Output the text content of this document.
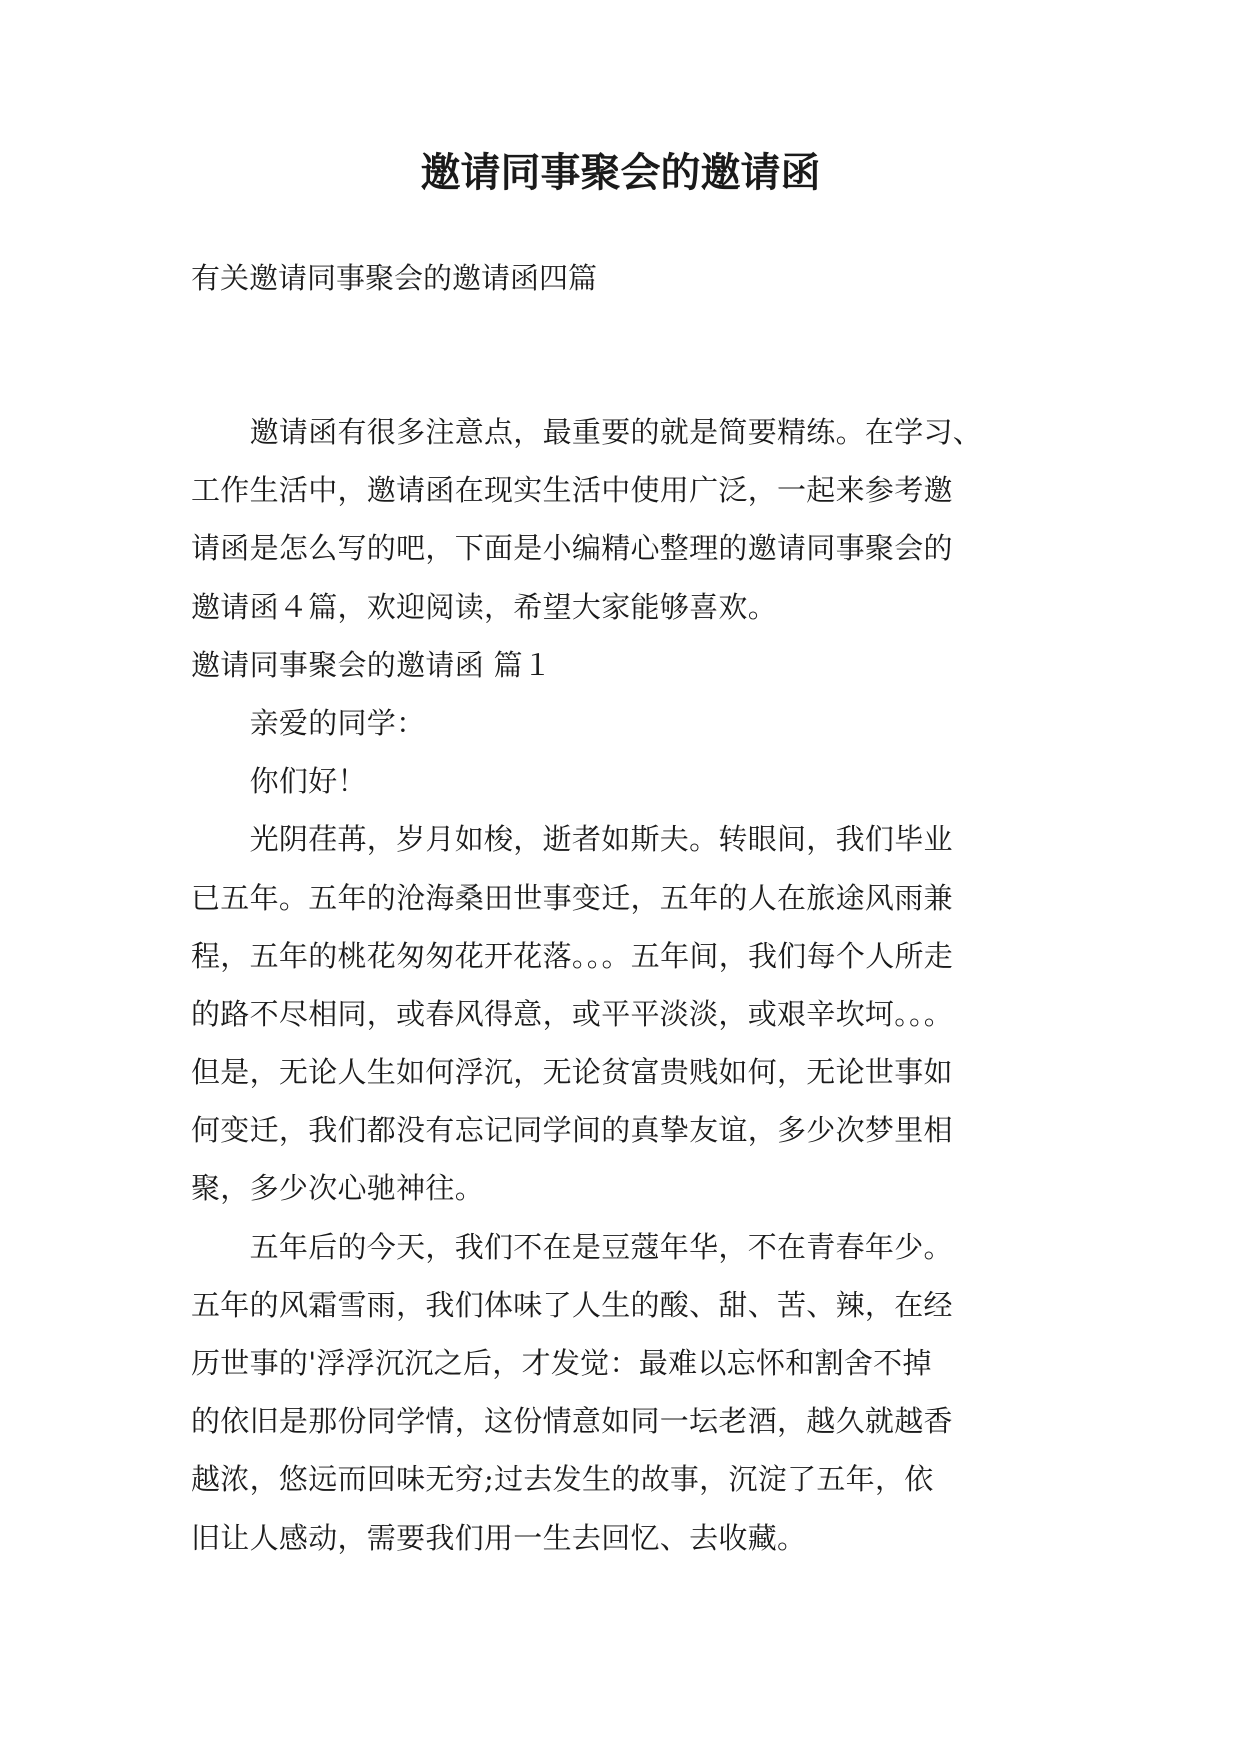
邀请同事聚会的邀请函
有关邀请同事聚会的邀请函四篇
　　邀请函有很多注意点，最重要的就是简要精练。在学习、
工作生活中，邀请函在现实生活中使用广泛，一起来参考邀
请函是怎么写的吧，下面是小编精心整理的邀请同事聚会的
邀请函４篇，欢迎阅读，希望大家能够喜欢。
邀请同事聚会的邀请函 篇１
　　亲爱的同学：
　　你们好！
　　光阴荏苒，岁月如梭，逝者如斯夫。转眼间，我们毕业
已五年。五年的沧海桑田世事变迁，五年的人在旅途风雨兼
程，五年的桃花匆匆花开花落。。。五年间，我们每个人所走
的路不尽相同，或春风得意，或平平淡淡，或艰辛坎坷。。。
但是，无论人生如何浮沉，无论贫富贵贱如何，无论世事如
何变迁，我们都没有忘记同学间的真挚友谊，多少次梦里相
聚，多少次心驰神往。
　　五年后的今天，我们不在是豆蔻年华，不在青春年少。
五年的风霜雪雨，我们体味了人生的酸、甜、苦、辣，在经
历世事的'浮浮沉沉之后，才发觉：最难以忘怀和割舍不掉
的依旧是那份同学情，这份情意如同一坛老酒，越久就越香
越浓，悠远而回味无穷;过去发生的故事，沉淀了五年，依
旧让人感动，需要我们用一生去回忆、去收藏。
